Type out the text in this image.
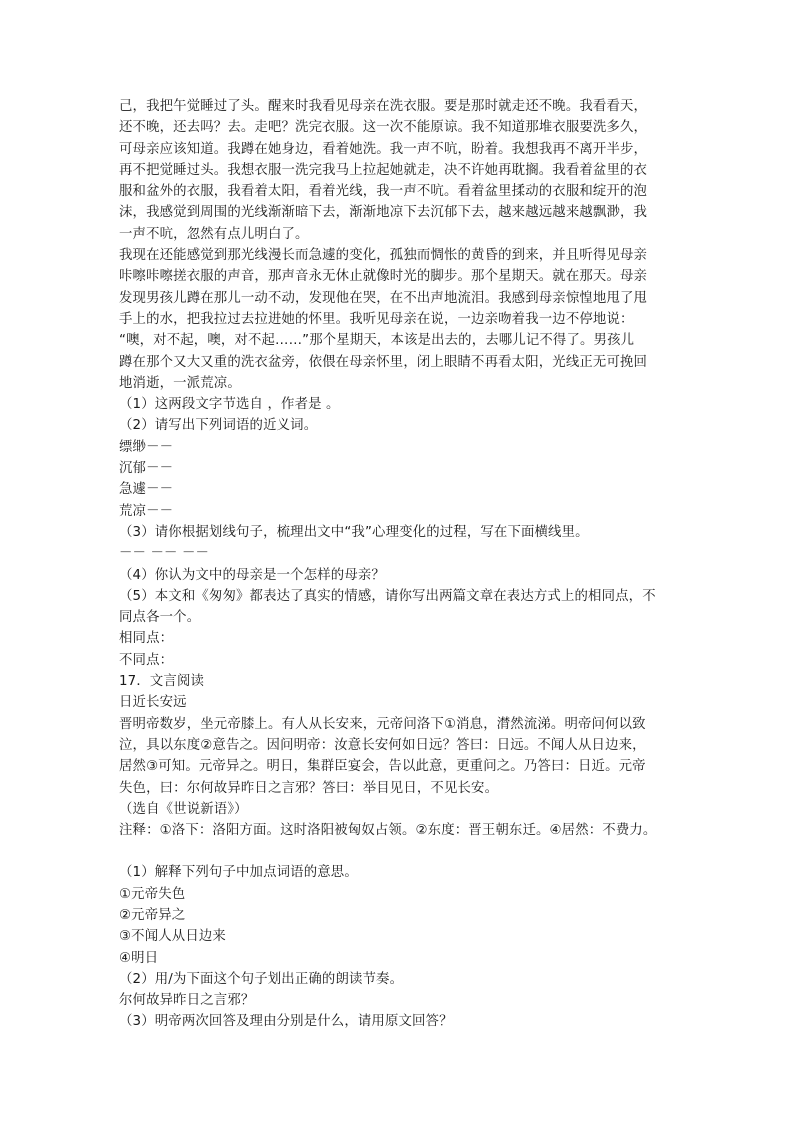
己，我把午觉睡过了头。醒来时我看见母亲在洗衣服。要是那时就走还不晚。我看看天，

还不晚，还去吗？去。走吧？洗完衣服。这一次不能原谅。我不知道那堆衣服要洗多久，

可母亲应该知道。我蹲在她身边，看着她洗。我一声不吭，盼着。我想我再不离开半步，

再不把觉睡过头。我想衣服一洗完我马上拉起她就走，决不许她再耽搁。我看着盆里的衣

服和盆外的衣服，我看着太阳，看着光线，我一声不吭。看着盆里揉动的衣服和绽开的泡

沫，我感觉到周围的光线渐渐暗下去，渐渐地凉下去沉郁下去，越来越远越来越飘渺，我

一声不吭，忽然有点儿明白了。

我现在还能感觉到那光线漫长而急遽的变化，孤独而惆怅的黄昏的到来，并且听得见母亲

咔嚓咔嚓搓衣服的声音，那声音永无休止就像时光的脚步。那个星期天。就在那天。母亲

发现男孩儿蹲在那儿一动不动，发现他在哭，在不出声地流泪。我感到母亲惊惶地甩了甩

手上的水，把我拉过去拉进她的怀里。我听见母亲在说，一边亲吻着我一边不停地说：

“噢，对不起，噢，对不起……”那个星期天，本该是出去的，去哪儿记不得了。男孩儿

蹲在那个又大又重的洗衣盆旁，依偎在母亲怀里，闭上眼睛不再看太阳，光线正无可挽回

地消逝，一派荒凉。

（1）这两段文字节选自 ，作者是 。

（2）请写出下列词语的近义词。

缥缈－－

沉郁－－

急遽－－

荒凉－－

（3）请你根据划线句子，梳理出文中“我”心理变化的过程，写在下面横线里。

－－ －－ －－

（4）你认为文中的母亲是一个怎样的母亲？

（5）本文和《匆匆》都表达了真实的情感，请你写出两篇文章在表达方式上的相同点，不

同点各一个。

相同点：

不同点：

17．文言阅读

日近长安远

晋明帝数岁，坐元帝膝上。有人从长安来，元帝问洛下①消息，潸然流涕。明帝问何以致

泣，具以东度②意告之。因问明帝：汝意长安何如日远？答曰：日远。不闻人从日边来，

居然③可知。元帝异之。明日，集群臣宴会，告以此意，更重问之。乃答曰：日近。元帝

失色，曰：尔何故异昨日之言邪？答曰：举目见日，不见长安。

（选自《世说新语》）

注释：①洛下：洛阳方面。这时洛阳被匈奴占领。②东度：晋王朝东迁。④居然：不费力。

（1）解释下列句子中加点词语的意思。

①元帝失色

②元帝异之

③不闻人从日边来

④明日

（2）用/为下面这个句子划出正确的朗读节奏。

尔何故异昨日之言邪？

（3）明帝两次回答及理由分别是什么，请用原文回答？
